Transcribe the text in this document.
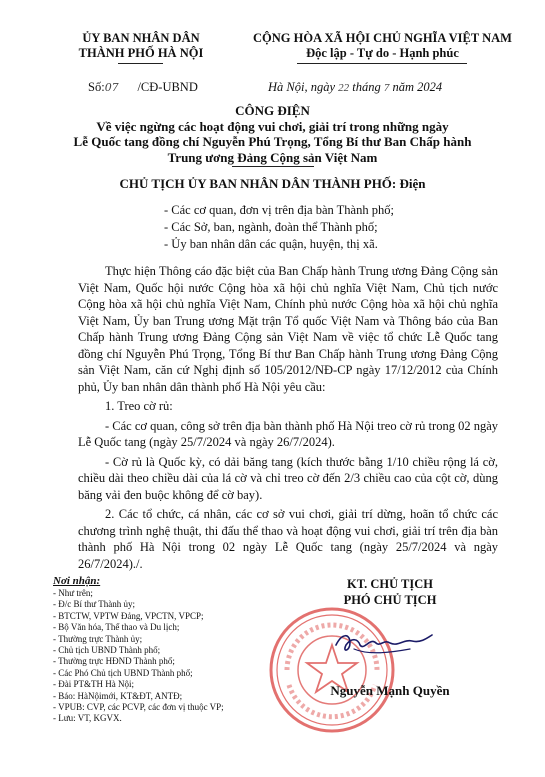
ỦY BAN NHÂN DÂN
THÀNH PHỐ HÀ NỘI
CỘNG HÒA XÃ HỘI CHỦ NGHĨA VIỆT NAM
Độc lập - Tự do - Hạnh phúc
Số:07 /CĐ-UBND	Hà Nội, ngày 22 tháng 7 năm 2024
CÔNG ĐIỆN
Về việc ngừng các hoạt động vui chơi, giải trí trong những ngày
Lễ Quốc tang đồng chí Nguyễn Phú Trọng, Tổng Bí thư Ban Chấp hành
Trung ương Đảng Cộng sản Việt Nam
CHỦ TỊCH ỦY BAN NHÂN DÂN THÀNH PHỐ: Điện
- Các cơ quan, đơn vị trên địa bàn Thành phố;
- Các Sở, ban, ngành, đoàn thể Thành phố;
- Ủy ban nhân dân các quận, huyện, thị xã.

Thực hiện Thông cáo đặc biệt của Ban Chấp hành Trung ương Đảng Cộng sản Việt Nam, Quốc hội nước Cộng hòa xã hội chủ nghĩa Việt Nam, Chủ tịch nước Cộng hòa xã hội chủ nghĩa Việt Nam, Chính phủ nước Cộng hòa xã hội chủ nghĩa Việt Nam, Ủy ban Trung ương Mặt trận Tổ quốc Việt Nam và Thông báo của Ban Chấp hành Trung ương Đảng Cộng sản Việt Nam về việc tổ chức Lễ Quốc tang đồng chí Nguyễn Phú Trọng, Tổng Bí thư Ban Chấp hành Trung ương Đảng Cộng sản Việt Nam, căn cứ Nghị định số 105/2012/NĐ-CP ngày 17/12/2012 của Chính phủ, Ủy ban nhân dân thành phố Hà Nội yêu cầu:

1. Treo cờ rủ:

- Các cơ quan, công sở trên địa bàn thành phố Hà Nội treo cờ rủ trong 02 ngày Lễ Quốc tang (ngày 25/7/2024 và ngày 26/7/2024).

- Cờ rủ là Quốc kỳ, có dải băng tang (kích thước bằng 1/10 chiều rộng lá cờ, chiều dài theo chiều dài của lá cờ và chỉ treo cờ đến 2/3 chiều cao của cột cờ, dùng băng vải đen buộc không để cờ bay).

2. Các tổ chức, cá nhân, các cơ sở vui chơi, giải trí dừng, hoãn tổ chức các chương trình nghệ thuật, thi đấu thể thao và hoạt động vui chơi, giải trí trên địa bàn thành phố Hà Nội trong 02 ngày Lễ Quốc tang (ngày 25/7/2024 và ngày 26/7/2024)./.

Nơi nhận:
- Như trên;
- Đ/c Bí thư Thành ủy;
- BTCTW, VPTW Đảng, VPCTN, VPCP;
- Bộ Văn hóa, Thể thao và Du lịch;
- Thường trực Thành ủy;
- Chủ tịch UBND Thành phố;
- Thường trực HĐND Thành phố;
- Các Phó Chủ tịch UBND Thành phố;
- Đài PT&TH Hà Nội;
- Báo: HàNộimới, KT&ĐT, ANTĐ;
- VPUB: CVP, các PCVP, các đơn vị thuộc VP;
- Lưu: VT, KGVX.
KT. CHỦ TỊCH
PHÓ CHỦ TỊCH
Nguyễn Mạnh Quyền
